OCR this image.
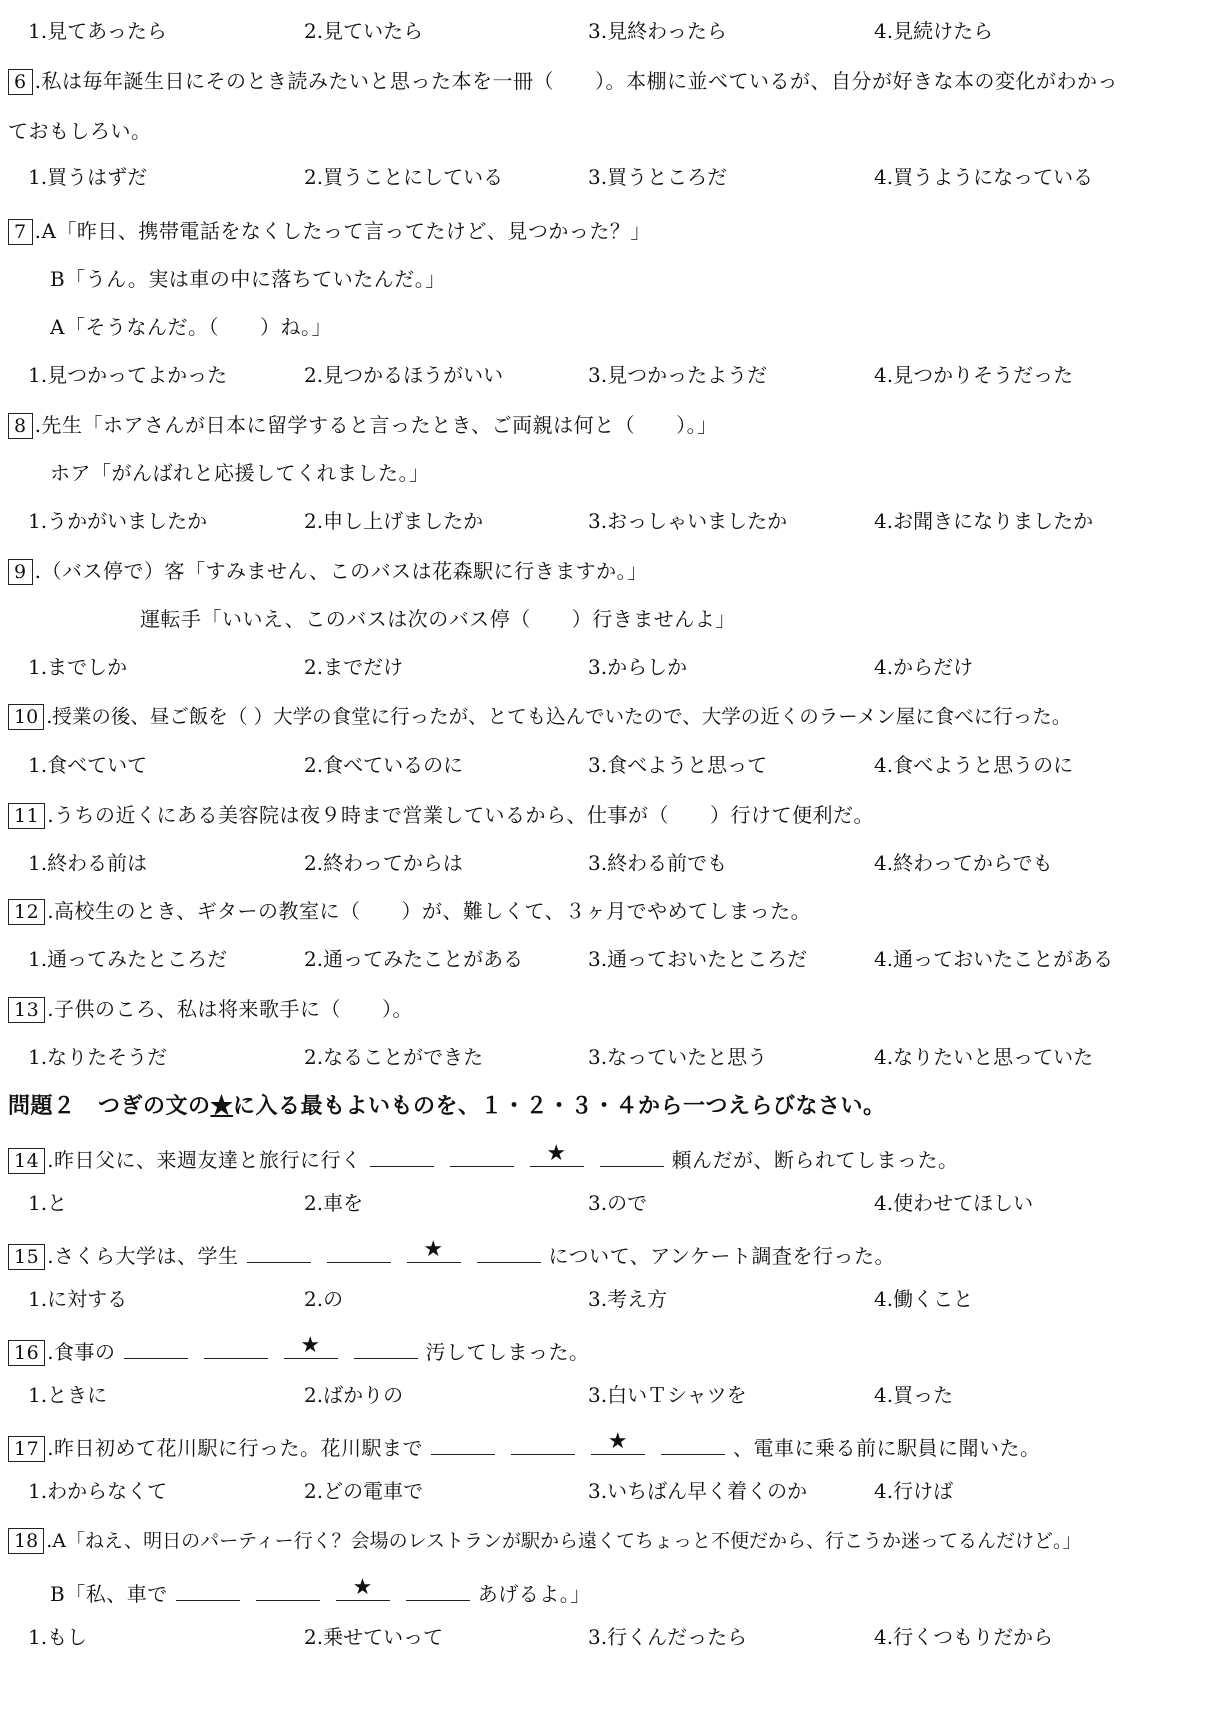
1.見てあったら	2.見ていたら	3.見終わったら	4.見続けたら
6 .私は毎年誕生日にそのとき読みたいと思った本を一冊（　　）。本棚に並べているが、自分が好きな本の変化がわかっ
ておもしろい。
1.買うはずだ	2.買うことにしている	3.買うところだ	4.買うようになっている
7 .A「昨日、携帯電話をなくしたって言ってたけど、見つかった？」
B「うん。実は車の中に落ちていたんだ。」
A「そうなんだ。（　　）ね。」
1.見つかってよかった	2.見つかるほうがいい	3.見つかったようだ	4.見つかりそうだった
8 .先生「ホアさんが日本に留学すると言ったとき、ご両親は何と（　　）。」
ホア「がんばれと応援してくれました。」
1.うかがいましたか	2.申し上げましたか	3.おっしゃいましたか	4.お聞きになりましたか
9 .（バス停で）客「すみません、このバスは花森駅に行きますか。」
運転手「いいえ、このバスは次のバス停（　　）行きませんよ」
1.までしか	2.までだけ	3.からしか	4.からだけ
10 .授業の後、昼ご飯を（ ）大学の食堂に行ったが、とても込んでいたので、大学の近くのラーメン屋に食べに行った。
1.食べていて	2.食べているのに	3.食べようと思って	4.食べようと思うのに
11 .うちの近くにある美容院は夜９時まで営業しているから、仕事が（　　）行けて便利だ。
1.終わる前は	2.終わってからは	3.終わる前でも	4.終わってからでも
12 .高校生のとき、ギターの教室に（　　）が、難しくて、３ヶ月でやめてしまった。
1.通ってみたところだ	2.通ってみたことがある	3.通っておいたところだ	4.通っておいたことがある
13 .子供のころ、私は将来歌手に（　　）。
1.なりたそうだ	2.なることができた	3.なっていたと思う	4.なりたいと思っていた
問題２　つぎの文の★に入る最もよいものを、１・２・３・４から一つえらびなさい。
14 .昨日父に、来週友達と旅行に行く	★	頼んだが、断られてしまった。
1.と	2.車を	3.ので	4.使わせてほしい
15 .さくら大学は、学生	★	について、アンケート調査を行った。
1.に対する	2.の	3.考え方	4.働くこと
16 .食事の	★	汚してしまった。
1.ときに	2.ばかりの	3.白いＴシャツを	4.買った
17 .昨日初めて花川駅に行った。花川駅まで	★	、電車に乗る前に駅員に聞いた。
1.わからなくて	2.どの電車で	3.いちばん早く着くのか	4.行けば
18 .A「ねえ、明日のパーティー行く？会場のレストランが駅から遠くてちょっと不便だから、行こうか迷ってるんだけど。」
B「私、車で	★	あげるよ。」
1.もし	2.乗せていって	3.行くんだったら	4.行くつもりだから
